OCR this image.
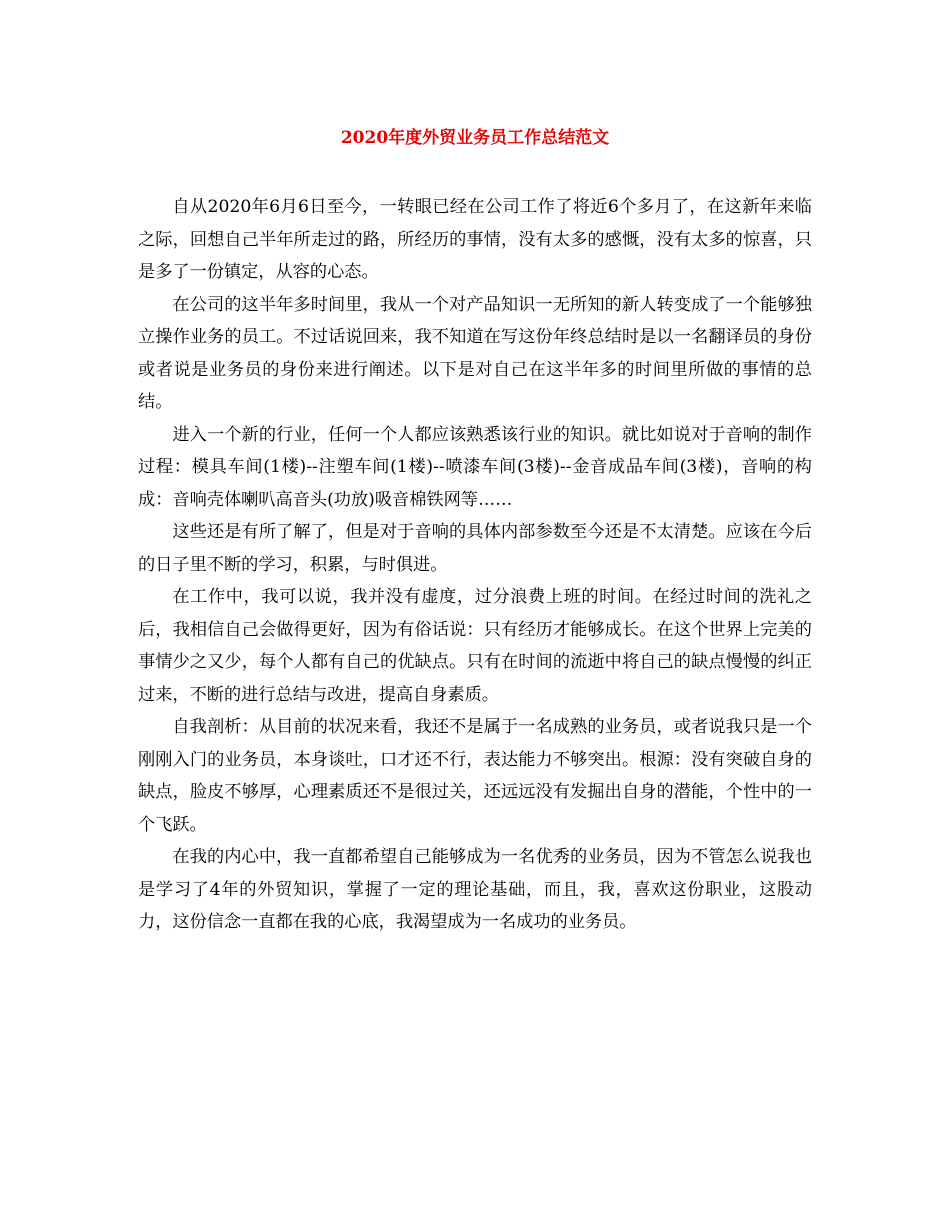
2020年度外贸业务员工作总结范文

自从2020年6月6日至今，一转眼已经在公司工作了将近6个多月了，在这新年来临之际，回想自己半年所走过的路，所经历的事情，没有太多的感慨，没有太多的惊喜，只是多了一份镇定，从容的心态。

在公司的这半年多时间里，我从一个对产品知识一无所知的新人转变成了一个能够独立操作业务的员工。不过话说回来，我不知道在写这份年终总结时是以一名翻译员的身份或者说是业务员的身份来进行阐述。以下是对自己在这半年多的时间里所做的事情的总结。

进入一个新的行业，任何一个人都应该熟悉该行业的知识。就比如说对于音响的制作过程：模具车间(1楼)--注塑车间(1楼)--喷漆车间(3楼)--金音成品车间(3楼)，音响的构成：音响壳体喇叭高音头(功放)吸音棉铁网等……

这些还是有所了解了，但是对于音响的具体内部参数至今还是不太清楚。应该在今后的日子里不断的学习，积累，与时俱进。

在工作中，我可以说，我并没有虚度，过分浪费上班的时间。在经过时间的洗礼之后，我相信自己会做得更好，因为有俗话说：只有经历才能够成长。在这个世界上完美的事情少之又少，每个人都有自己的优缺点。只有在时间的流逝中将自己的缺点慢慢的纠正过来，不断的进行总结与改进，提高自身素质。

自我剖析：从目前的状况来看，我还不是属于一名成熟的业务员，或者说我只是一个刚刚入门的业务员，本身谈吐，口才还不行，表达能力不够突出。根源：没有突破自身的缺点，脸皮不够厚，心理素质还不是很过关，还远远没有发掘出自身的潜能，个性中的一个飞跃。

在我的内心中，我一直都希望自己能够成为一名优秀的业务员，因为不管怎么说我也是学习了4年的外贸知识，掌握了一定的理论基础，而且，我，喜欢这份职业，这股动力，这份信念一直都在我的心底，我渴望成为一名成功的业务员。
